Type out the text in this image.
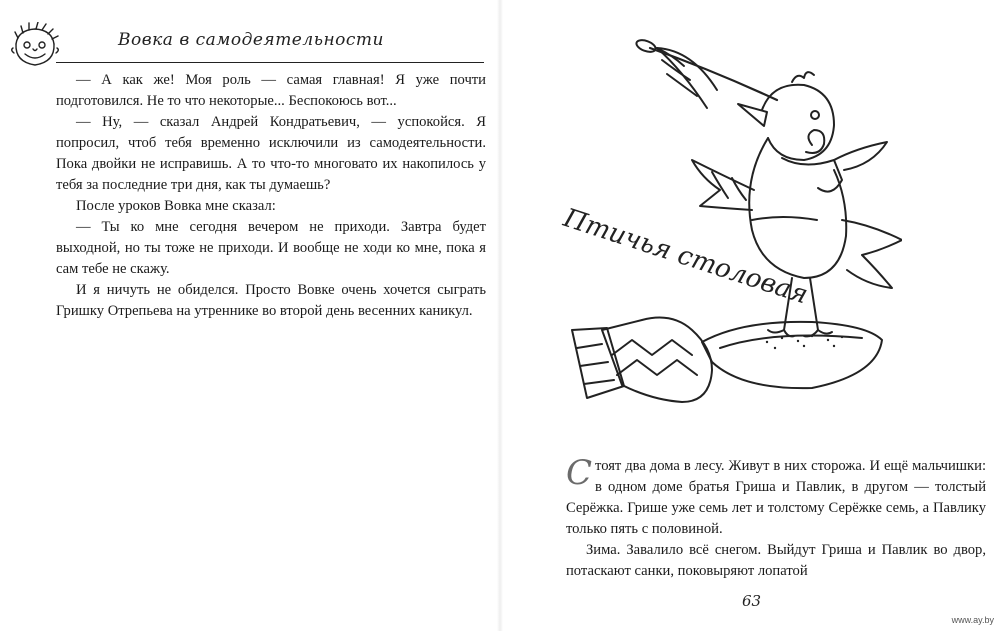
Вовка в самодеятельности

— А как же! Моя роль — самая главная! Я уже почти подготовился. Не то что некоторые... Беспокоюсь вот...

— Ну, — сказал Андрей Кондратьевич, — успокойся. Я попросил, чтоб тебя временно исключили из самодеятельности. Пока двойки не исправишь. А то что-то многовато их накопилось у тебя за последние три дня, как ты думаешь?

После уроков Вовка мне сказал:

— Ты ко мне сегодня вечером не приходи. Завтра будет выходной, но ты тоже не приходи. И вообще не ходи ко мне, пока я сам тебе не скажу.

И я ничуть не обиделся. Просто Вовке очень хочется сыграть Гришку Отрепьева на утреннике во второй день весенних каникул.

Птичья столовая

Стоят два дома в лесу. Живут в них сторожа. И ещё мальчишки: в одном доме братья Гриша и Павлик, в другом — толстый Серёжка. Грише уже семь лет и толстому Серёжке семь, а Павлику только пять с половиной.

Зима. Завалило всё снегом. Выйдут Гриша и Павлик во двор, потаскают санки, поковыряют лопатой

63
www.ay.by
